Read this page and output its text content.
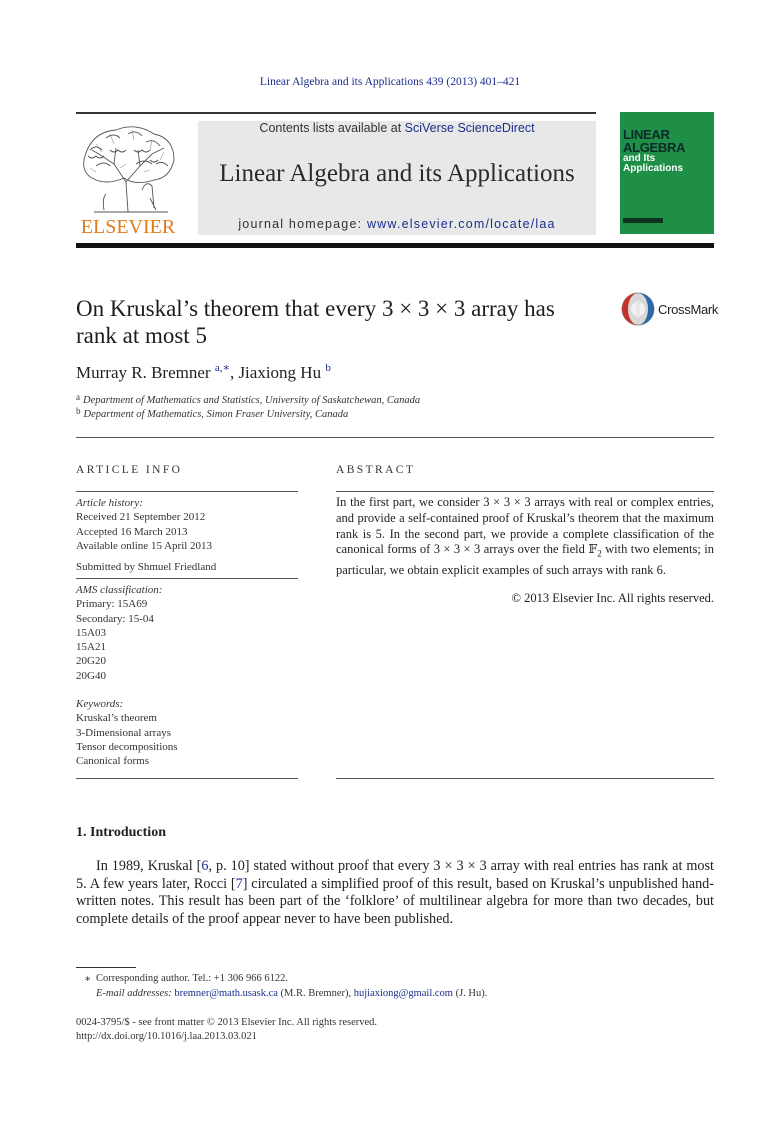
Linear Algebra and its Applications 439 (2013) 401–421
ELSEVIER
Contents lists available at SciVerse ScienceDirect
Linear Algebra and its Applications
journal homepage: www.elsevier.com/locate/laa
LINEAR
ALGEBRA
and Its
Applications
On Kruskal’s theorem that every 3 × 3 × 3 array has rank at most 5
CrossMark
Murray R. Bremner $^{a,∗}$, Jiaxiong Hu $^b$
$^a$ Department of Mathematics and Statistics, University of Saskatchewan, Canada
$^b$ Department of Mathematics, Simon Fraser University, Canada
ARTICLE INFO	ABSTRACT
Article history:
Received 21 September 2012
Accepted 16 March 2013
Available online 15 April 2013
Submitted by Shmuel Friedland
AMS classification:
Primary: 15A69
Secondary: 15-04
15A03
15A21
20G20
20G40
Keywords:
Kruskal’s theorem
3-Dimensional arrays
Tensor decompositions
Canonical forms
In the first part, we consider 3 × 3 × 3 arrays with real or complex entries, and provide a self-contained proof of Kruskal’s theorem that the maximum rank is 5. In the second part, we provide a complete classification of the canonical forms of 3 × 3 × 3 arrays over the field 𝔽$_2$ with two elements; in particular, we obtain explicit examples of such arrays with rank 6.
© 2013 Elsevier Inc. All rights reserved.
1. Introduction
In 1989, Kruskal [6, p. 10] stated without proof that every 3 × 3 × 3 array with real entries has rank at most 5. A few years later, Rocci [7] circulated a simplified proof of this result, based on Kruskal’s unpublished hand-written notes. This result has been part of the ‘folklore’ of multilinear algebra for more than two decades, but complete details of the proof appear never to have been published.
∗ Corresponding author. Tel.: +1 306 966 6122.
E-mail addresses: bremner@math.usask.ca (M.R. Bremner), hujiaxiong@gmail.com (J. Hu).
0024-3795/$ - see front matter © 2013 Elsevier Inc. All rights reserved.
http://dx.doi.org/10.1016/j.laa.2013.03.021
